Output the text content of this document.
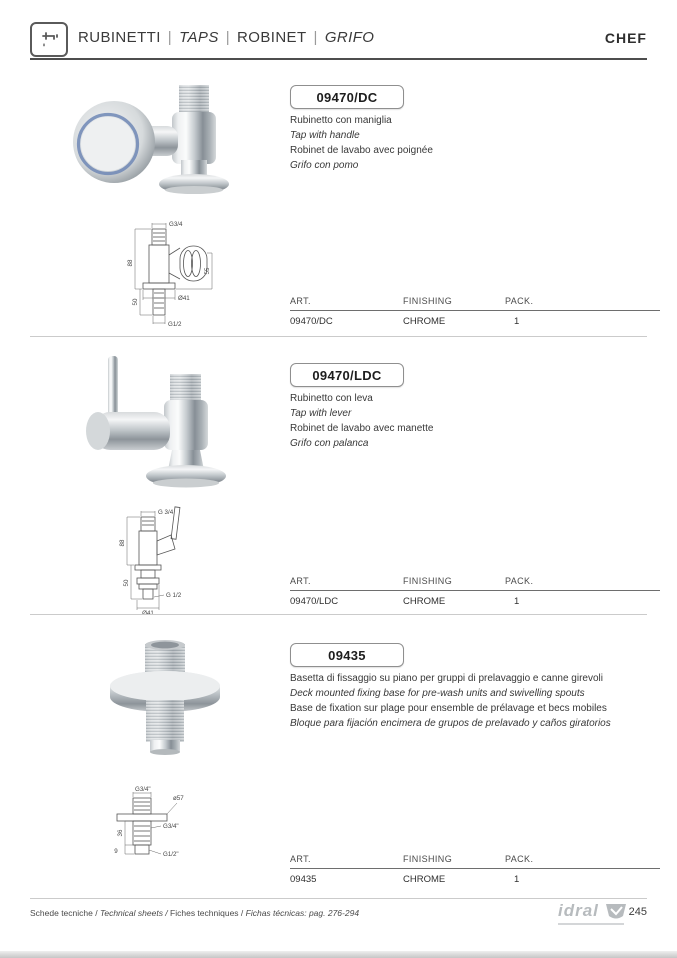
RUBINETTI | TAPS | ROBINET | GRIFO	CHEF
G3/4
88
55
50	Ø41
G1/2
09470/DC
Rubinetto con maniglia
Tap with handle
Robinet de lavabo avec poignée
Grifo con pomo
ART.	FINISHING	PACK.
09470/DC	CHROME	1
G 3/4
88
50
G 1/2
Ø41
09470/LDC
Rubinetto con leva
Tap with lever
Robinet de lavabo avec manette
Grifo con palanca
ART.	FINISHING	PACK.
09470/LDC	CHROME	1
G3/4"
ø57
G3/4"
36
9	G1/2"
09435
Basetta di fissaggio su piano per gruppi di prelavaggio e canne girevoli
Deck mounted fixing base for pre-wash units and swivelling spouts
Base de fixation sur plage pour ensemble de prélavage et becs mobiles
Bloque para fijación encimera de grupos de prelavado y caños giratorios
ART.	FINISHING	PACK.
09435	CHROME	1
Schede tecniche / Technical sheets / Fiches techniques / Fichas técnicas: pag. 276-294	idral	245
